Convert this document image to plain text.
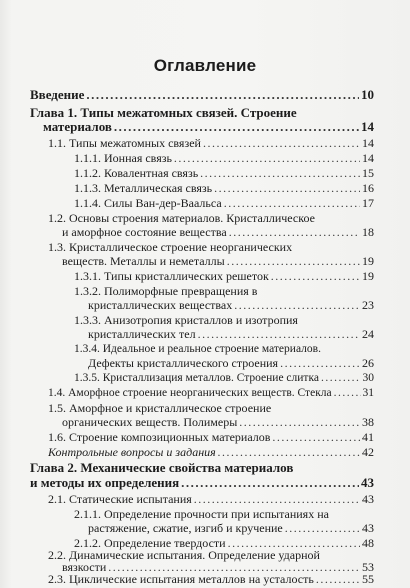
Оглавление
Введение .....	10
Глава 1. Типы межатомных связей. Строение
материалов .....	14
1.1. Типы межатомных связей .....	14
1.1.1. Ионная связь .....	14
1.1.2. Ковалентная связь .....	15
1.1.3. Металлическая связь .....	16
1.1.4. Силы Ван-дер-Ваальса .....	17
1.2. Основы строения материалов. Кристаллическое
и аморфное состояние вещества .....	18
1.3. Кристаллическое строение неорганических
веществ. Металлы и неметаллы .....	19
1.3.1. Типы кристаллических решеток .....	19
1.3.2. Полиморфные превращения в
кристаллических веществах .....	23
1.3.3. Анизотропия кристаллов и изотропия
кристаллических тел .....	24
1.3.4. Идеальное и реальное строение материалов.
Дефекты кристаллического строения .....	26
1.3.5. Кристаллизация металлов. Строение слитка .....	30
1.4. Аморфное строение неорганических веществ. Стекла .....	31
1.5. Аморфное и кристаллическое строение
органических веществ. Полимеры .....	38
1.6. Строение композиционных материалов .....	41
Контрольные вопросы и задания .....	42
Глава 2. Механические свойства материалов
и методы их определения .....	43
2.1. Статические испытания .....	43
2.1.1. Определение прочности при испытаниях на
растяжение, сжатие, изгиб и кручение .....	43
2.1.2. Определение твердости .....	48
2.2. Динамические испытания. Определение ударной
вязкости .....	53
2.3. Циклические испытания металлов на усталость .....	55
